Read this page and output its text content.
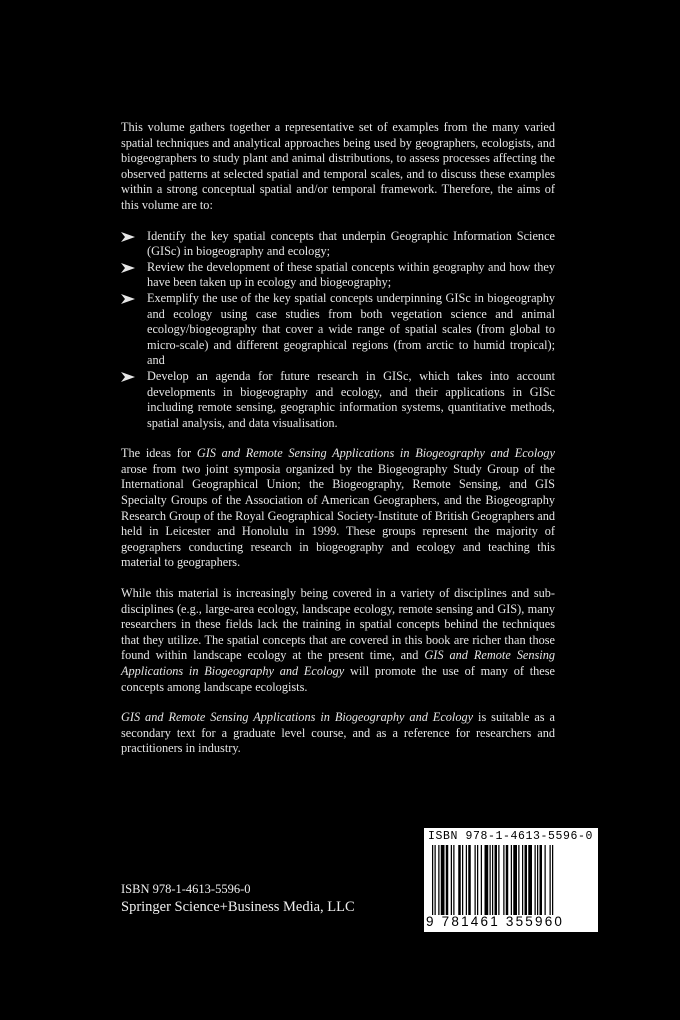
This volume gathers together a representative set of examples from the many varied spatial techniques and analytical approaches being used by geographers, ecologists, and biogeographers to study plant and animal distributions, to assess processes affecting the observed patterns at selected spatial and temporal scales, and to discuss these examples within a strong conceptual spatial and/or temporal framework. Therefore, the aims of this volume are to:

Identify the key spatial concepts that underpin Geographic Information Science (GISc) in biogeography and ecology;
Review the development of these spatial concepts within geography and how they have been taken up in ecology and biogeography;
Exemplify the use of the key spatial concepts underpinning GISc in biogeography and ecology using case studies from both vegetation science and animal ecology/biogeography that cover a wide range of spatial scales (from global to micro-scale) and different geographical regions (from arctic to humid tropical); and
Develop an agenda for future research in GISc, which takes into account developments in biogeography and ecology, and their applications in GISc including remote sensing, geographic information systems, quantitative methods, spatial analysis, and data visualisation.

The ideas for GIS and Remote Sensing Applications in Biogeography and Ecology arose from two joint symposia organized by the Biogeography Study Group of the International Geographical Union; the Biogeography, Remote Sensing, and GIS Specialty Groups of the Association of American Geographers, and the Biogeography Research Group of the Royal Geographical Society-Institute of British Geographers and held in Leicester and Honolulu in 1999. These groups represent the majority of geographers conducting research in biogeography and ecology and teaching this material to geographers.

While this material is increasingly being covered in a variety of disciplines and sub-disciplines (e.g., large-area ecology, landscape ecology, remote sensing and GIS), many researchers in these fields lack the training in spatial concepts behind the techniques that they utilize. The spatial concepts that are covered in this book are richer than those found within landscape ecology at the present time, and GIS and Remote Sensing Applications in Biogeography and Ecology will promote the use of many of these concepts among landscape ecologists.

GIS and Remote Sensing Applications in Biogeography and Ecology is suitable as a secondary text for a graduate level course, and as a reference for researchers and practitioners in industry.

ISBN 978-1-4613-5596-0
Springer Science+Business Media, LLC
ISBN 978-1-4613-5596-0
9 781461 355960
